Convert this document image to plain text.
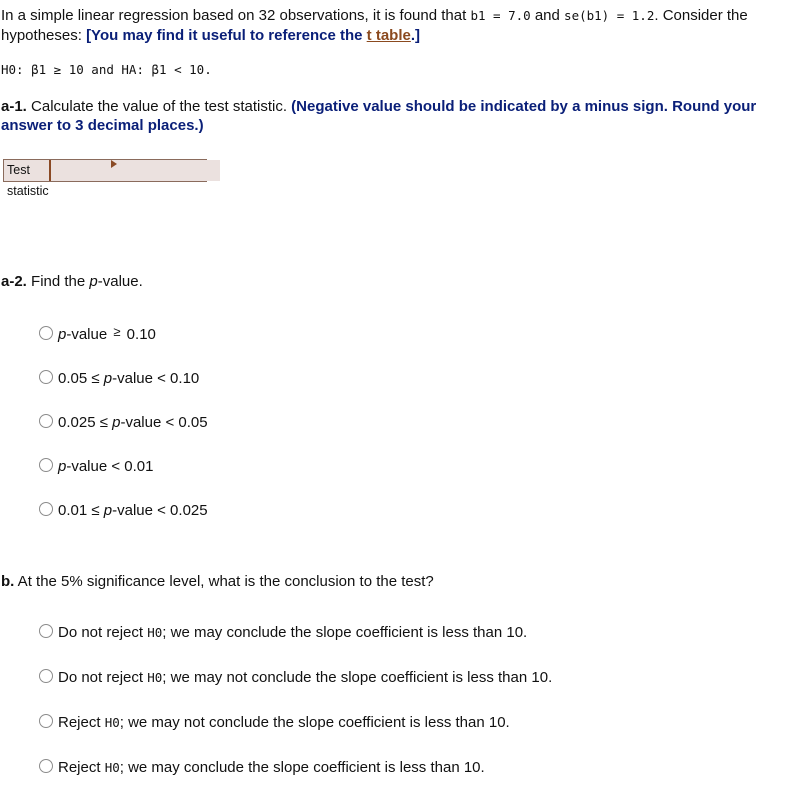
In a simple linear regression based on 32 observations, it is found that b1 = 7.0 and se(b1) = 1.2. Consider the hypotheses: [You may find it useful to reference the t table.]
H0: β1 ≥ 10 and HA: β1 < 10.
a-1. Calculate the value of the test statistic. (Negative value should be indicated by a minus sign. Round your answer to 3 decimal places.)
Test statistic
a-2. Find the p-value.
p-value ≥ 0.10
0.05 ≤ p-value < 0.10
0.025 ≤ p-value < 0.05
p-value < 0.01
0.01 ≤ p-value < 0.025
b. At the 5% significance level, what is the conclusion to the test?
Do not reject H0; we may conclude the slope coefficient is less than 10.
Do not reject H0; we may not conclude the slope coefficient is less than 10.
Reject H0; we may not conclude the slope coefficient is less than 10.
Reject H0; we may conclude the slope coefficient is less than 10.
